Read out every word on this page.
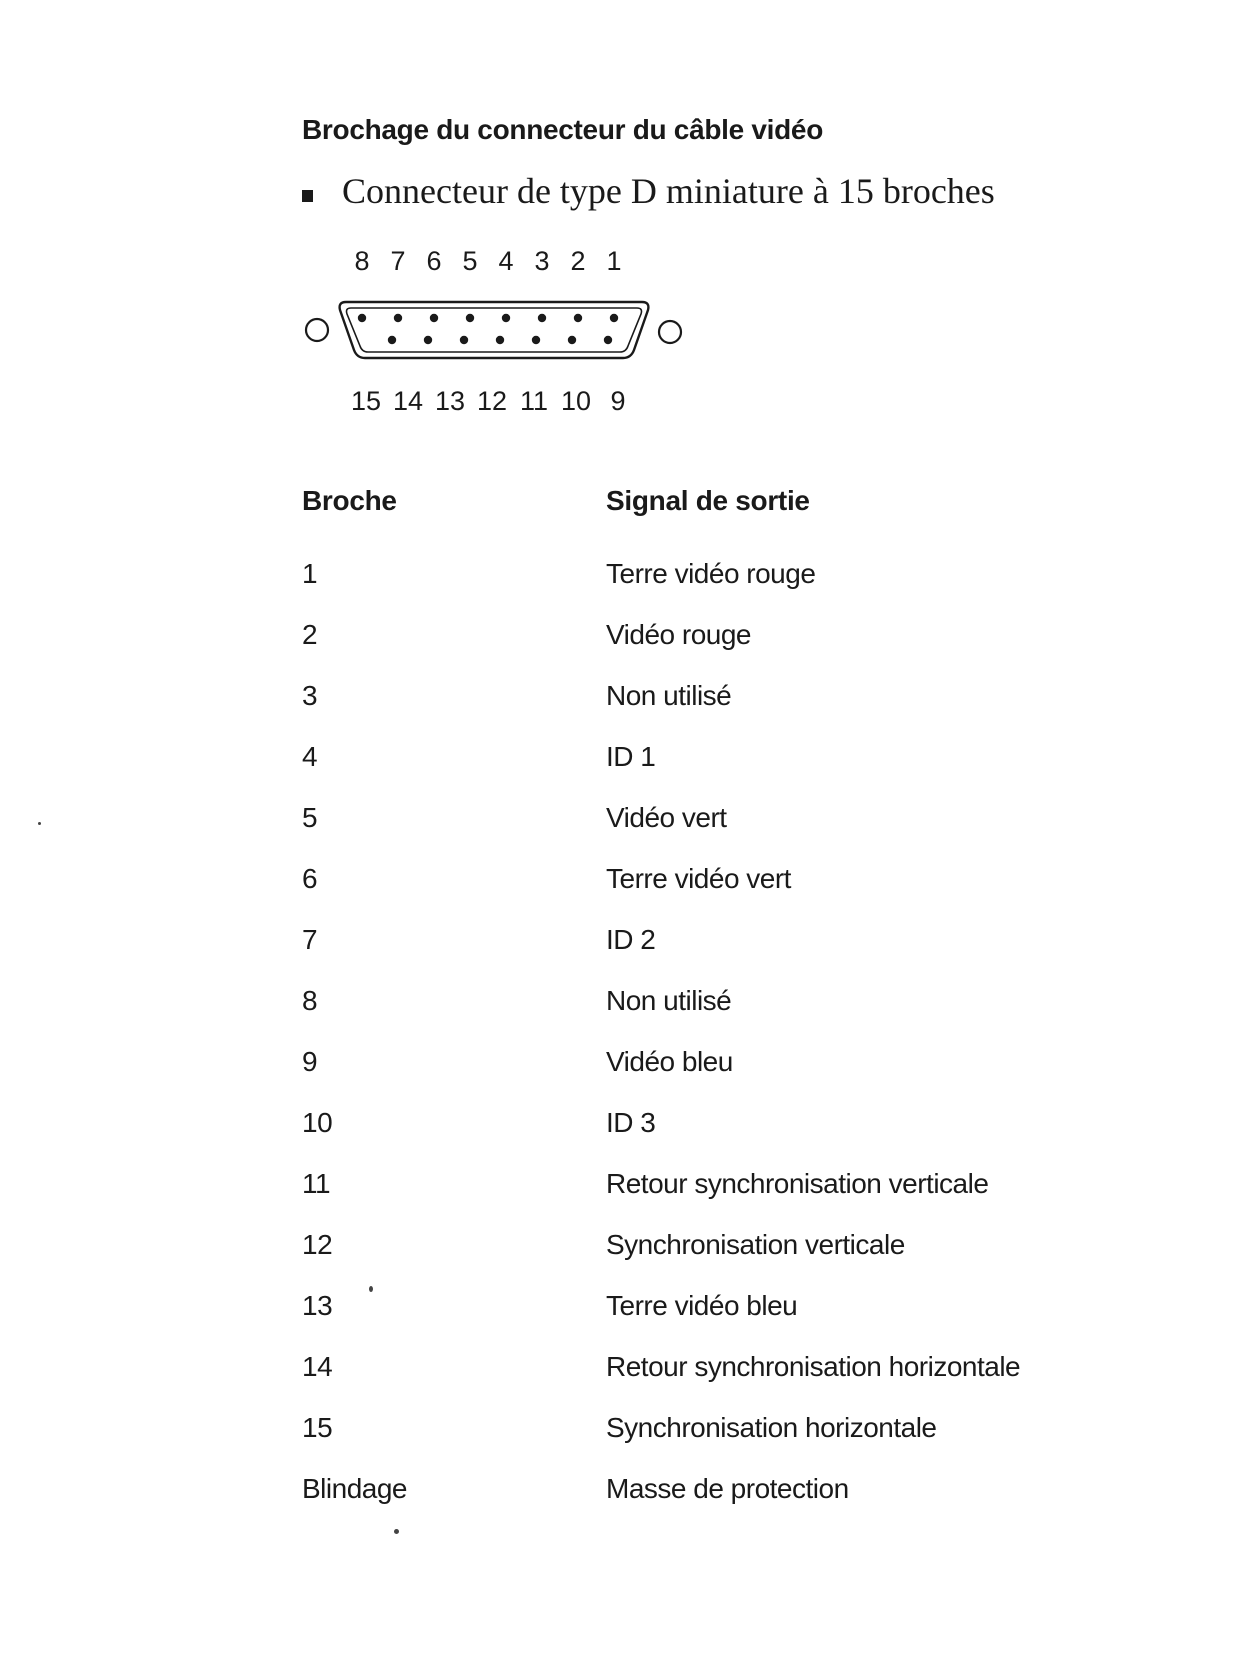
Brochage du connecteur du câble vidéo
Connecteur de type D miniature à 15 broches
8 7 6 5 4 3 2 1
15 14 13 12 11 10 9
Broche	Signal de sortie
1	Terre vidéo rouge
2	Vidéo rouge
3	Non utilisé
4	ID 1
5	Vidéo vert
6	Terre vidéo vert
7	ID 2
8	Non utilisé
9	Vidéo bleu
10	ID 3
11	Retour synchronisation verticale
12	Synchronisation verticale
13	Terre vidéo bleu
14	Retour synchronisation horizontale
15	Synchronisation horizontale
Blindage	Masse de protection
